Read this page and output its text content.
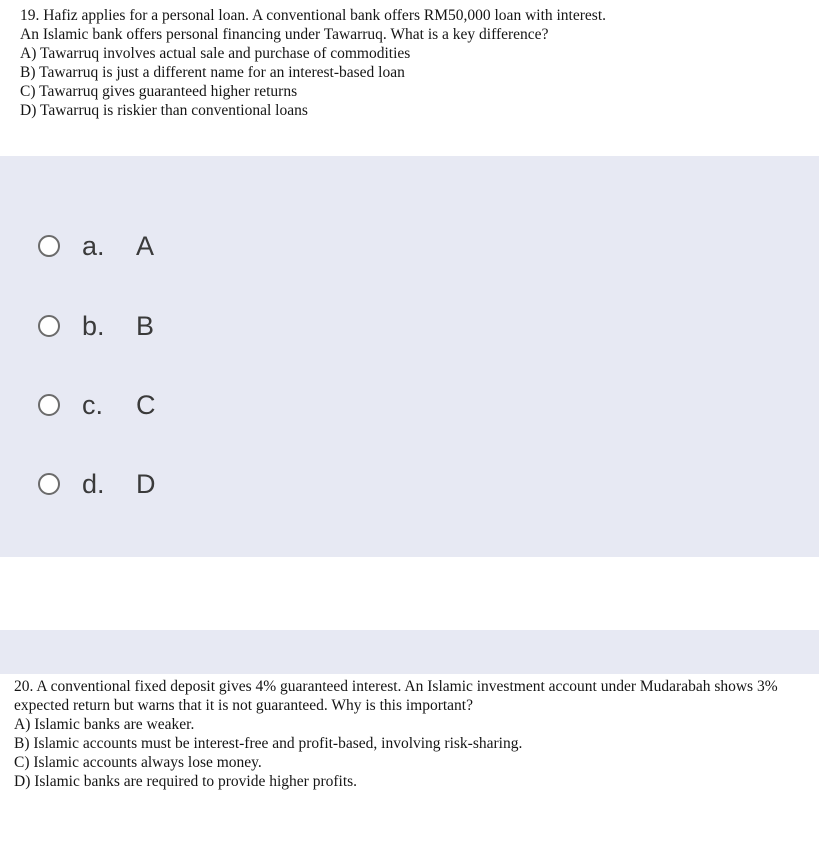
19. Hafiz applies for a personal loan. A conventional bank offers RM50,000 loan with interest.
An Islamic bank offers personal financing under Tawarruq. What is a key difference?
A) Tawarruq involves actual sale and purchase of commodities
B) Tawarruq is just a different name for an interest-based loan
C) Tawarruq gives guaranteed higher returns
D) Tawarruq is riskier than conventional loans
a.	A
b.	B
c.	C
d.	D
20. A conventional fixed deposit gives 4% guaranteed interest. An Islamic investment account under Mudarabah shows 3% expected return but warns that it is not guaranteed. Why is this important?
A) Islamic banks are weaker.
B) Islamic accounts must be interest-free and profit-based, involving risk-sharing.
C) Islamic accounts always lose money.
D) Islamic banks are required to provide higher profits.
